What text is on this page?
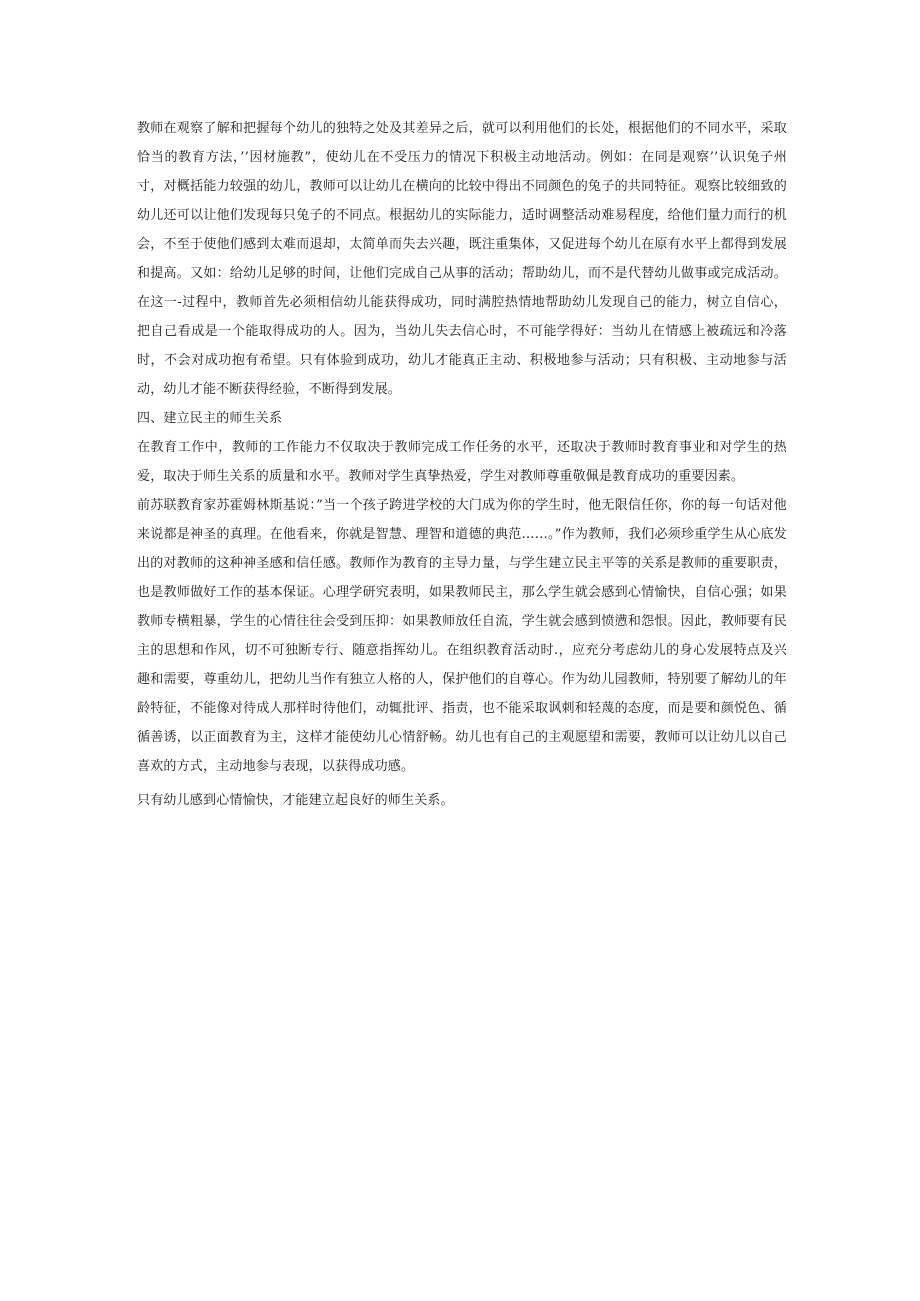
教师在观察了解和把握每个幼儿的独特之处及其差异之后，就可以利用他们的长处，根据他们的不同水平，采取恰当的教育方法，’’因材施教”，使幼儿在不受压力的情况下积极主动地活动。例如：在同是观察’’认识兔子州寸，对概括能力较强的幼儿，教师可以让幼儿在横向的比较中得出不同颜色的兔子的共同特征。观察比较细致的幼儿还可以让他们发现每只兔子的不同点。根据幼儿的实际能力，适时调整活动难易程度，给他们量力而行的机会，不至于使他们感到太难而退却，太简单而失去兴趣，既注重集体，又促进每个幼儿在原有水平上都得到发展和提高。又如：给幼儿足够的时间，让他们完成自己从事的活动；帮助幼儿，而不是代替幼儿做事或完成活动。在这一-过程中，教师首先必须相信幼儿能获得成功，同时满腔热情地帮助幼儿发现自己的能力，树立自信心，把自己看成是一个能取得成功的人。因为，当幼儿失去信心时，不可能学得好：当幼儿在情感上被疏远和冷落时，不会对成功抱有希望。只有体验到成功，幼儿才能真正主动、积极地参与活动；只有积极、主动地参与活动，幼儿才能不断获得经验，不断得到发展。

四、建立民主的师生关系

在教育工作中，教师的工作能力不仅取决于教师完成工作任务的水平，还取决于教师时教育事业和对学生的热爱，取决于师生关系的质量和水平。教师对学生真挚热爱，学生对教师尊重敬佩是教育成功的重要因素。

前苏联教育家苏霍姆林斯基说：”当一个孩子跨进学校的大门成为你的学生时，他无限信任你，你的每一句话对他来说都是神圣的真理。在他看来，你就是智慧、理智和道德的典范……。”作为教师，我们必须珍重学生从心底发出的对教师的这种神圣感和信任感。教师作为教育的主导力量，与学生建立民主平等的关系是教师的重要职责，也是教师做好工作的基本保证。心理学研究表明，如果教师民主，那么学生就会感到心情愉快，自信心强；如果教师专横粗暴，学生的心情往往会受到压抑：如果教师放任自流，学生就会感到愤懑和怨恨。因此，教师要有民主的思想和作风，切不可独断专行、随意指挥幼儿。在组织教育活动时.，应充分考虑幼儿的身心发展特点及兴趣和需要，尊重幼儿，把幼儿当作有独立人格的人，保护他们的自尊心。作为幼儿园教师，特别要了解幼儿的年龄特征，不能像对待成人那样时待他们，动辄批评、指责，也不能采取讽刺和轻蔑的态度，而是要和颜悦色、循循善诱，以正面教育为主，这样才能使幼儿心情舒畅。幼儿也有自己的主观愿望和需要，教师可以让幼儿以自己喜欢的方式，主动地参与表现，以获得成功感。

只有幼儿感到心情愉快，才能建立起良好的师生关系。
